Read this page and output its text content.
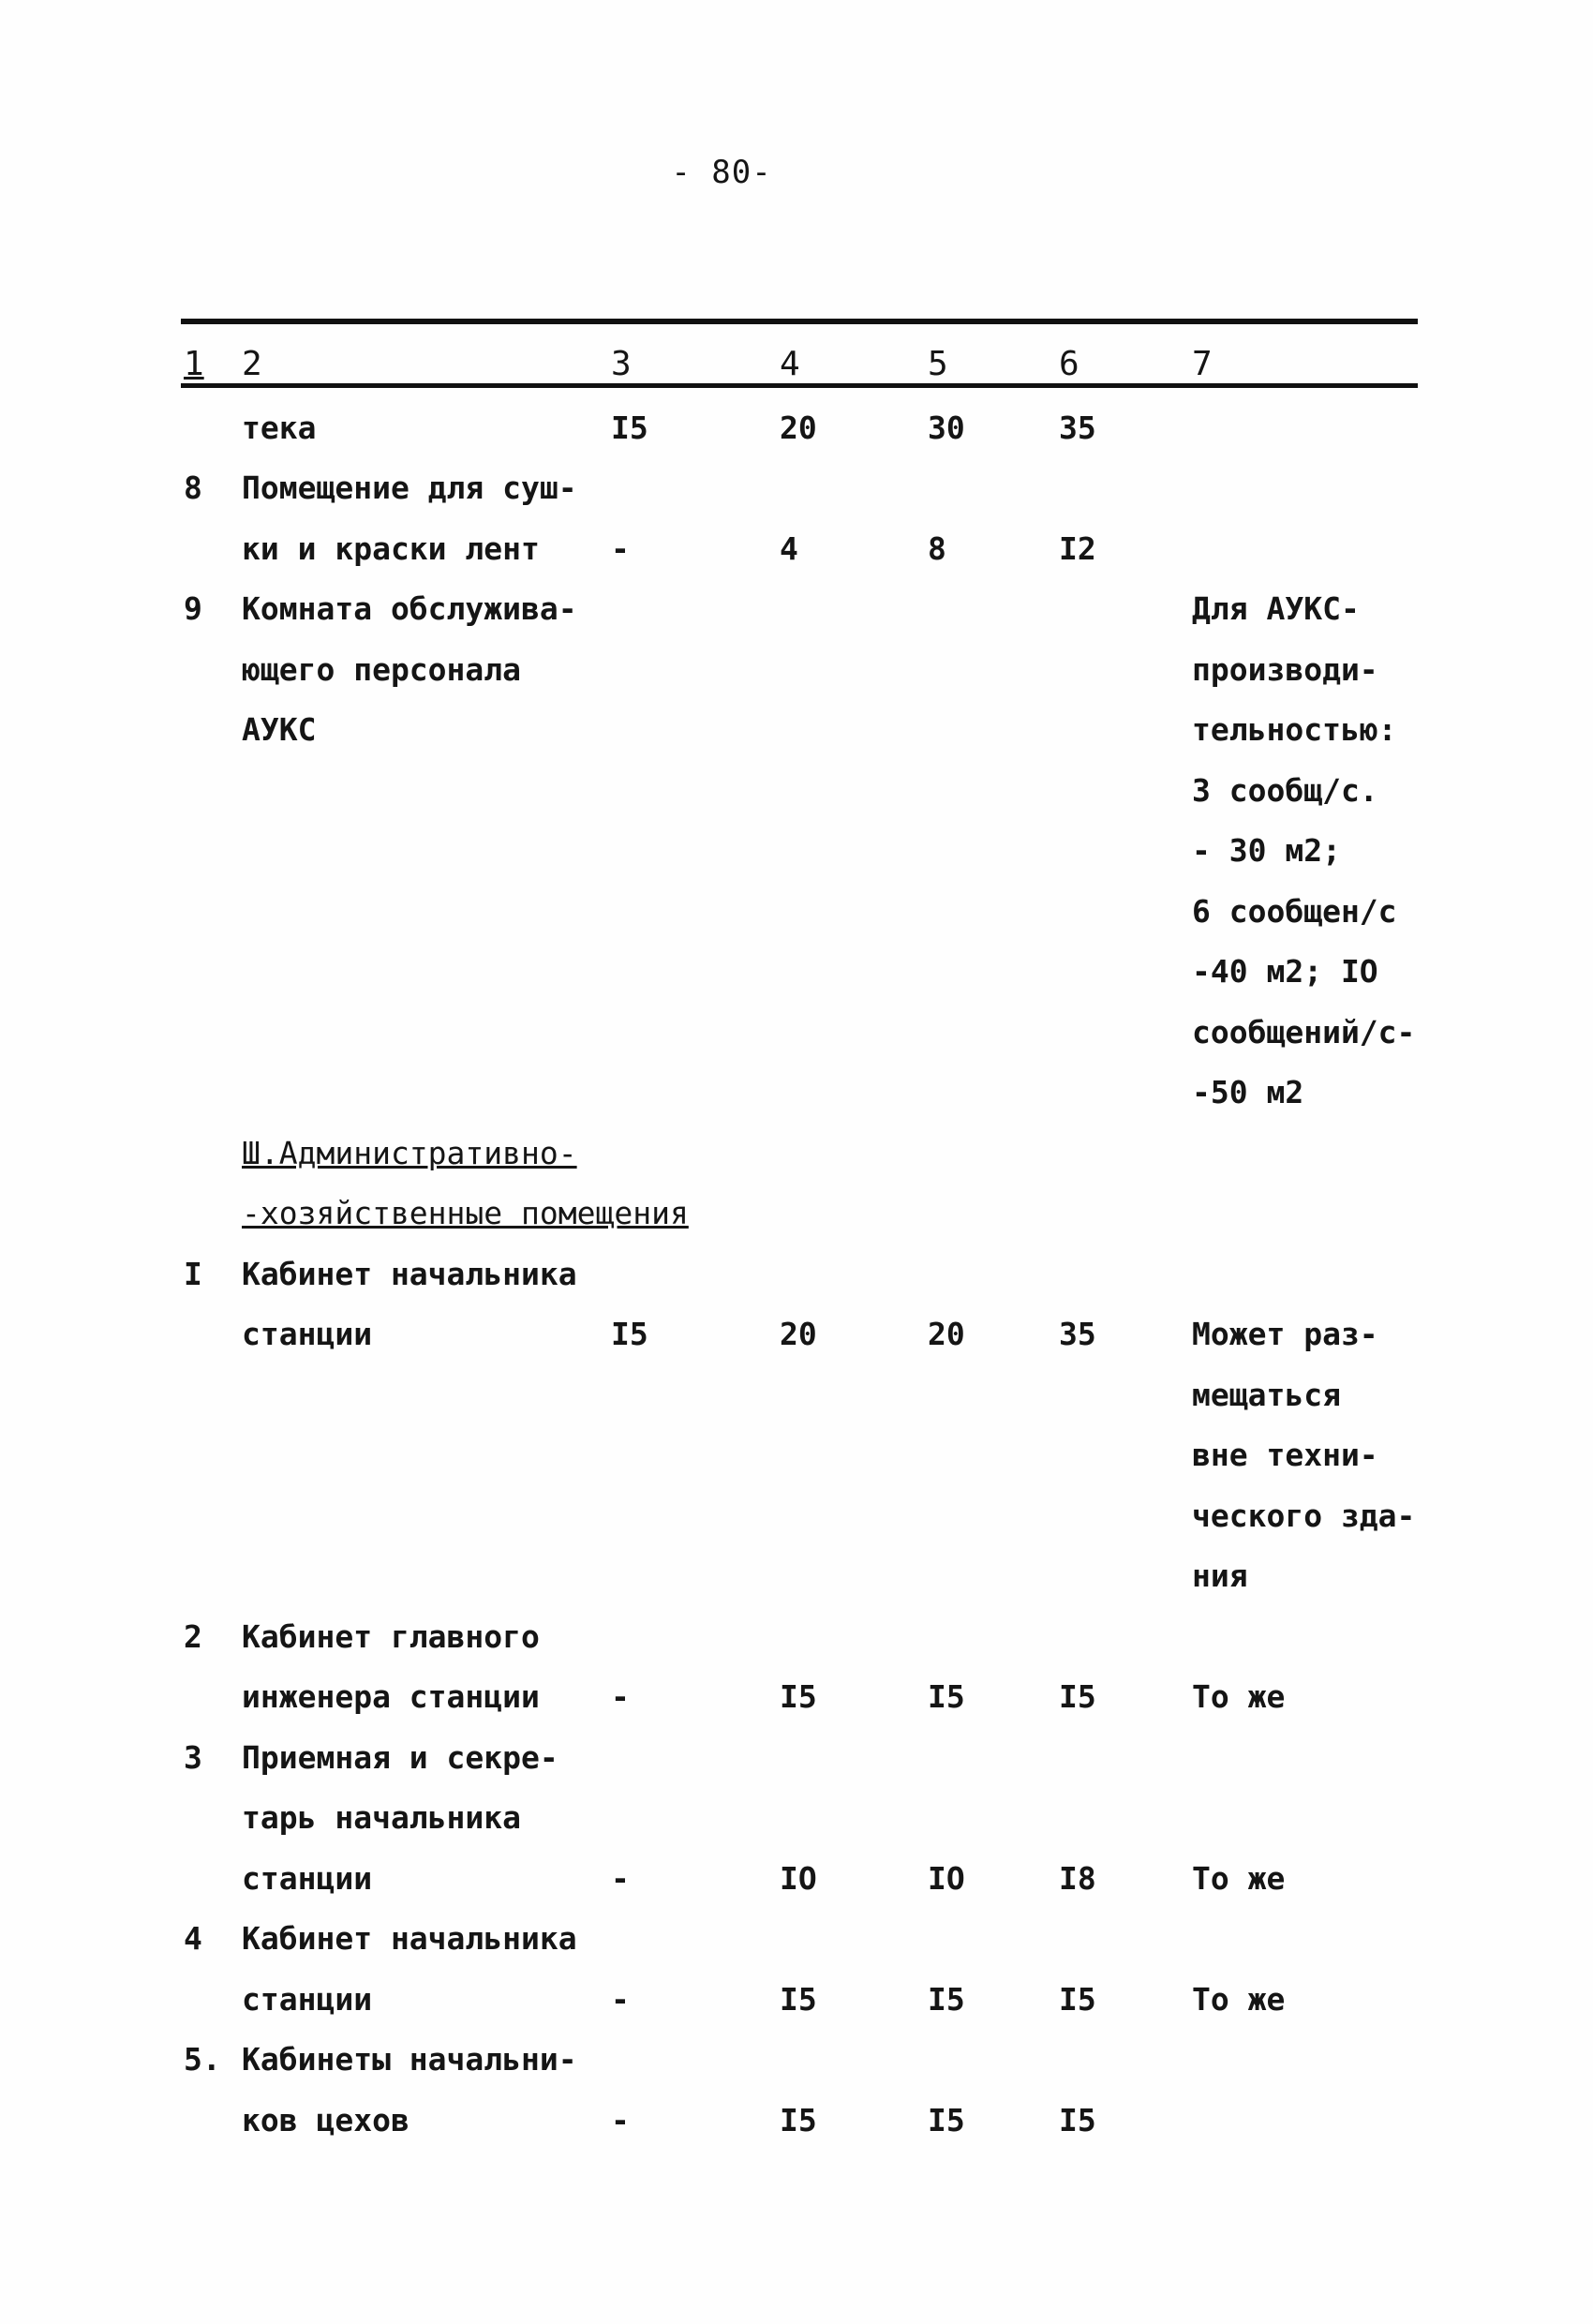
- 80-
1 2	3	4	5	6	7
	тека	I5	20	30	35	
8	Помещение для суш-					
	ки и краски лент	-	4	8	I2	
9	Комната обслужива-					Для АУКС-
	ющего персонала					производи-
	АУКС					тельностью:
						3 сообщ/с.
						- 30 м2;
						6 сообщен/с
						-40 м2; IO
						сообщений/с-
						-50 м2
	Ш.Административно-					
	-хозяйственные помещения					
I	Кабинет начальника					
	станции	I5	20	20	35	Может раз-
						мещаться
						вне техни-
						ческого зда-
						ния
2	Кабинет главного					
	инженера станции	-	I5	I5	I5	То же
3	Приемная и секре-					
	тарь начальника					
	станции	-	IO	IO	I8	То же
4	Кабинет начальника					
	станции	-	I5	I5	I5	То же
5.	Кабинеты начальни-					
	ков цехов	-	I5	I5	I5	
